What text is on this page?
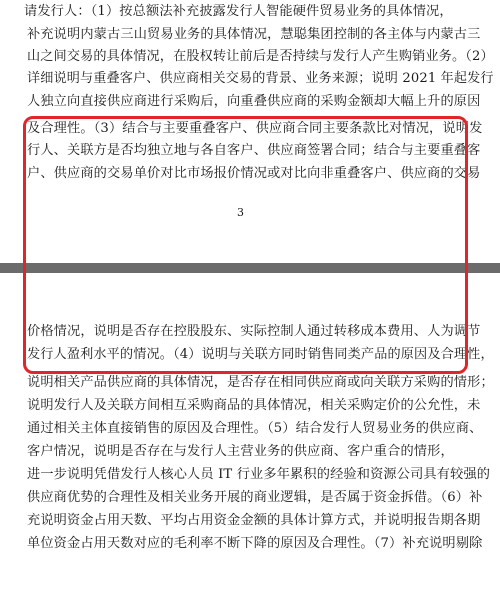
请发行人：（1）按总额法补充披露发行人智能硬件贸易业务的具体情况，
补充说明内蒙古三山贸易业务的具体情况，慧聪集团控制的各主体与内蒙古三
山之间交易的具体情况，在股权转让前后是否持续与发行人产生购销业务。（2）
详细说明与重叠客户、供应商相关交易的背景、业务来源；说明 2021 年起发行
人独立向直接供应商进行采购后，向重叠供应商的采购金额却大幅上升的原因
及合理性。（3）结合与主要重叠客户、供应商合同主要条款比对情况，说明发
行人、关联方是否均独立地与各自客户、供应商签署合同；结合与主要重叠客
户、供应商的交易单价对比市场报价情况或对比向非重叠客户、供应商的交易
3
价格情况，说明是否存在控股股东、实际控制人通过转移成本费用、人为调节
发行人盈利水平的情况。（4）说明与关联方同时销售同类产品的原因及合理性，
说明相关产品供应商的具体情况，是否存在相同供应商或向关联方采购的情形；
说明发行人及关联方间相互采购商品的具体情况，相关采购定价的公允性，未
通过相关主体直接销售的原因及合理性。（5）结合发行人贸易业务的供应商、
客户情况，说明是否存在与发行人主营业务的供应商、客户重合的情形，
进一步说明凭借发行人核心人员 IT 行业多年累积的经验和资源公司具有较强的
供应商优势的合理性及相关业务开展的商业逻辑，是否属于资金拆借。（6）补
充说明资金占用天数、平均占用资金金额的具体计算方式，并说明报告期各期
单位资金占用天数对应的毛利率不断下降的原因及合理性。（7）补充说明剔除
